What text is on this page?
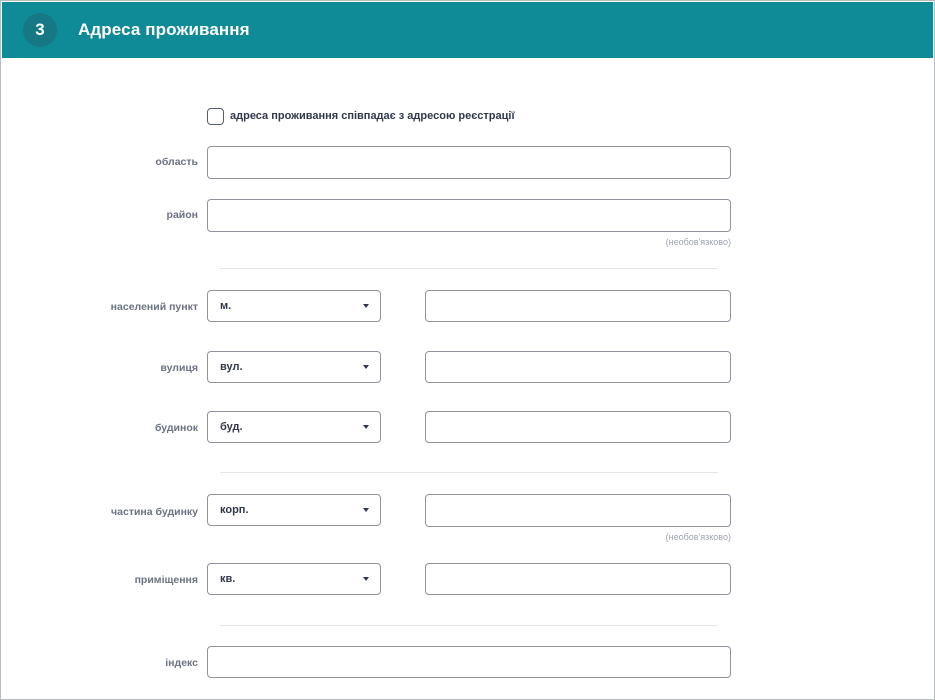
3	Адреса проживання
адреса проживання співпадає з адресою реєстрації
область
район
(необов'язково)
населений пункт м.
вулиця вул.
будинок буд.
частина будинку корп.
(необов'язково)
приміщення кв.
індекс
